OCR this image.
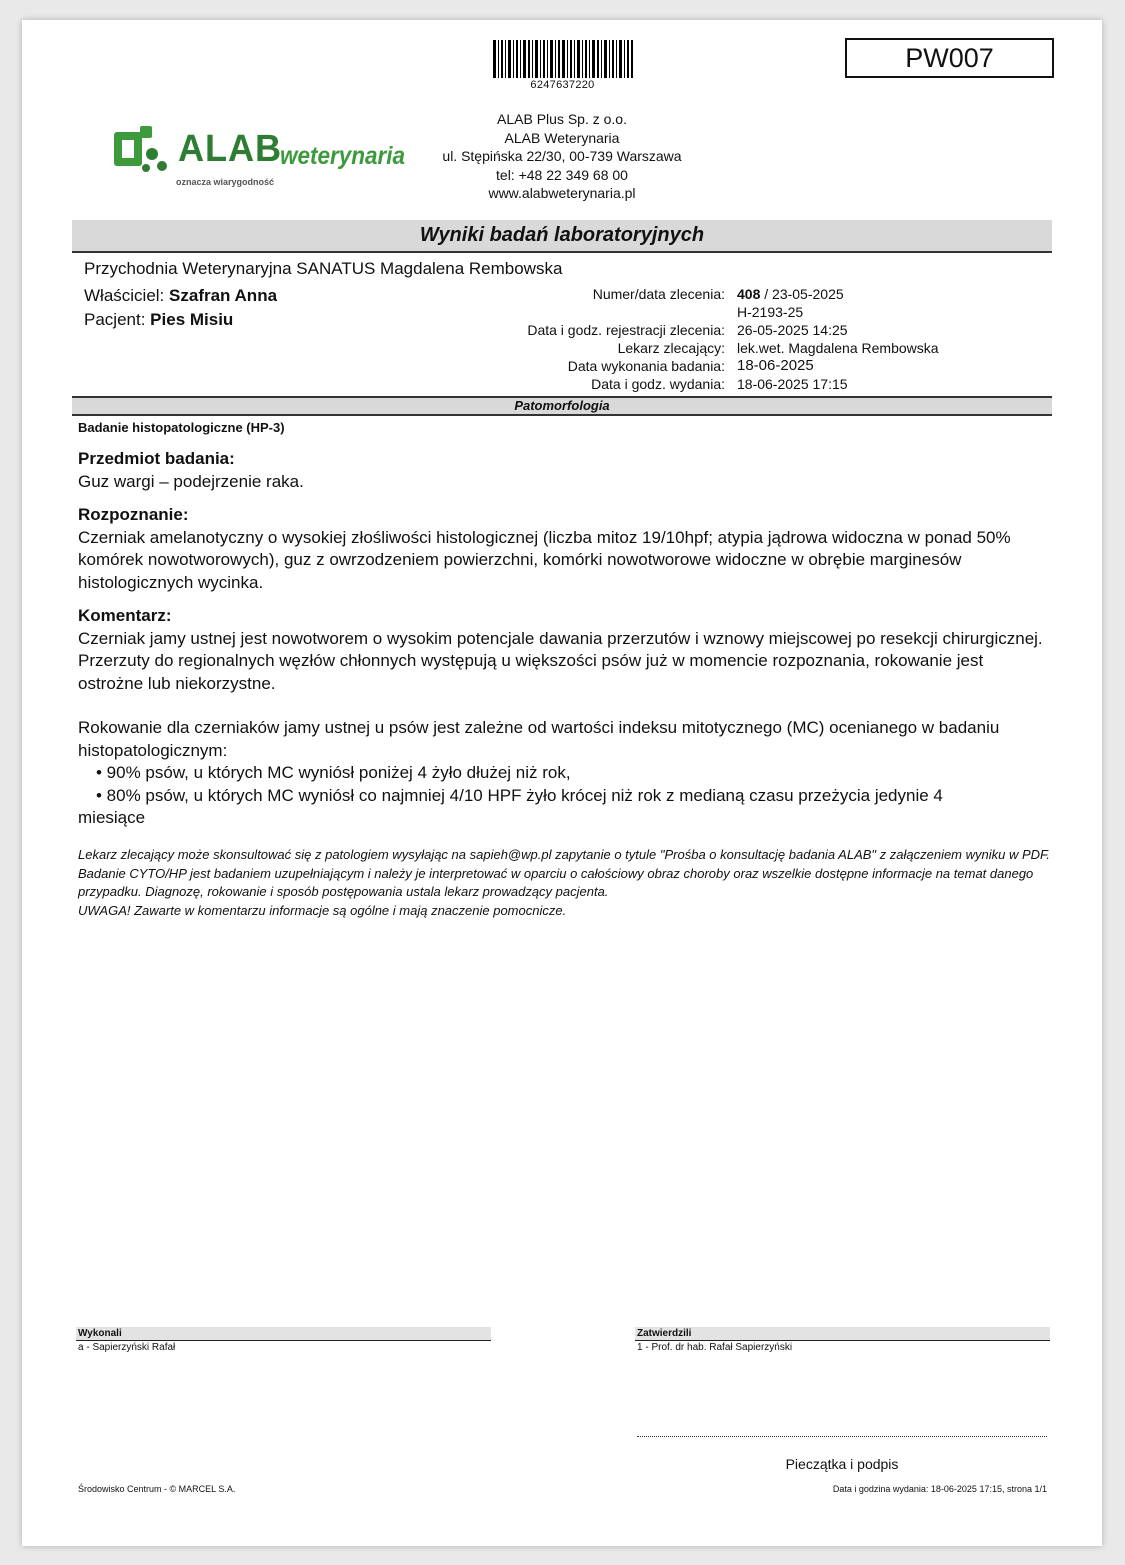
6247637220
PW007
ALAB
weterynaria
oznacza wiarygodność
ALAB Plus Sp. z o.o.
ALAB Weterynaria
ul. Stępińska 22/30, 00-739 Warszawa
tel: +48 22 349 68 00
www.alabweterynaria.pl
Wyniki badań laboratoryjnych
Przychodnia Weterynaryjna SANATUS Magdalena Rembowska
Właściciel: Szafran Anna
Pacjent: Pies Misiu
Numer/data zlecenia: 408 / 23-05-2025
H-2193-25
Data i godz. rejestracji zlecenia: 26-05-2025 14:25
Lekarz zlecający: lek.wet. Magdalena Rembowska
Data wykonania badania: 18-06-2025
Data i godz. wydania: 18-06-2025 17:15
Patomorfologia
Badanie histopatologiczne (HP-3)
Przedmiot badania:

Guz wargi – podejrzenie raka.

Rozpoznanie:

Czerniak amelanotyczny o wysokiej złośliwości histologicznej (liczba mitoz 19/10hpf; atypia jądrowa widoczna w ponad 50% komórek nowotworowych), guz z owrzodzeniem powierzchni, komórki nowotworowe widoczne w obrębie marginesów histologicznych wycinka.

Komentarz:

Czerniak jamy ustnej jest nowotworem o wysokim potencjale dawania przerzutów i wznowy miejscowej po resekcji chirurgicznej. Przerzuty do regionalnych węzłów chłonnych występują u większości psów już w momencie rozpoznania, rokowanie jest ostrożne lub niekorzystne.

Rokowanie dla czerniaków jamy ustnej u psów jest zależne od wartości indeksu mitotycznego (MC) ocenianego w badaniu histopatologicznym:

• 90% psów, u których MC wyniósł poniżej 4 żyło dłużej niż rok,

• 80% psów, u których MC wyniósł co najmniej 4/10 HPF żyło krócej niż rok z medianą czasu przeżycia jedynie 4

miesiące

Lekarz zlecający może skonsultować się z patologiem wysyłając na sapieh@wp.pl zapytanie o tytule "Prośba o konsultację badania ALAB" z załączeniem wyniku w PDF.
Badanie CYTO/HP jest badaniem uzupełniającym i należy je interpretować w oparciu o całościowy obraz choroby oraz wszelkie dostępne informacje na temat danego przypadku. Diagnozę, rokowanie i sposób postępowania ustala lekarz prowadzący pacjenta.
UWAGA! Zawarte w komentarzu informacje są ogólne i mają znaczenie pomocnicze.
Wykonali
a - Sapierzyński Rafał
Zatwierdzili
1 - Prof. dr hab. Rafał Sapierzyński
Pieczątka i podpis
Środowisko Centrum - © MARCEL S.A.	Data i godzina wydania: 18-06-2025 17:15, strona 1/1
